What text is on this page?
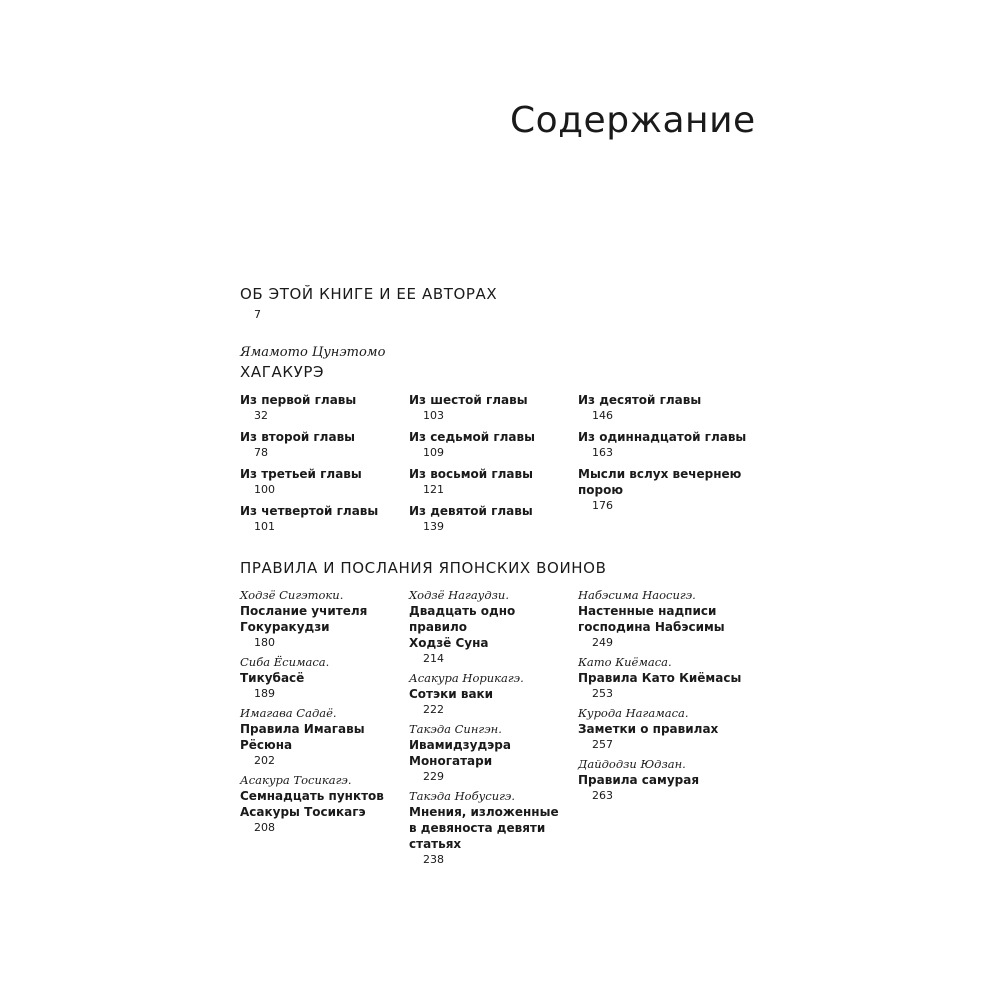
Содержание
ОБ ЭТОЙ КНИГЕ И ЕЕ АВТОРАХ
7
Ямамото Цунэтомо
ХАГАКУРЭ
Из первой главы
32
Из второй главы
78
Из третьей главы
100
Из четвертой главы
101
Из шестой главы
103
Из седьмой главы
109
Из восьмой главы
121
Из девятой главы
139
Из десятой главы
146
Из одиннадцатой главы
163
Мысли вслух вечернею
порою
176
ПРАВИЛА И ПОСЛАНИЯ ЯПОНСКИХ ВОИНОВ
Ходзё Сигэтоки.
Послание учителя
Гокуракудзи
180
Сиба Ёсимаса.
Тикубасё
189
Имагава Садаё.
Правила Имагавы
Рёсюна
202
Асакура Тосикагэ.
Семнадцать пунктов
Асакуры Тосикагэ
208
Ходзё Нагаудзи.
Двадцать одно правило
Ходзё Суна
214
Асакура Норикагэ.
Сотэки ваки
222
Такэда Сингэн.
Ивамидзудэра
Моногатари
229
Такэда Нобусигэ.
Мнения, изложенные
в девяноста девяти
статьях
238
Набэсима Наосигэ.
Настенные надписи
господина Набэсимы
249
Като Киёмаса.
Правила Като Киёмасы
253
Курода Нагамаса.
Заметки о правилах
257
Дайдодзи Юдзан.
Правила самурая
263
